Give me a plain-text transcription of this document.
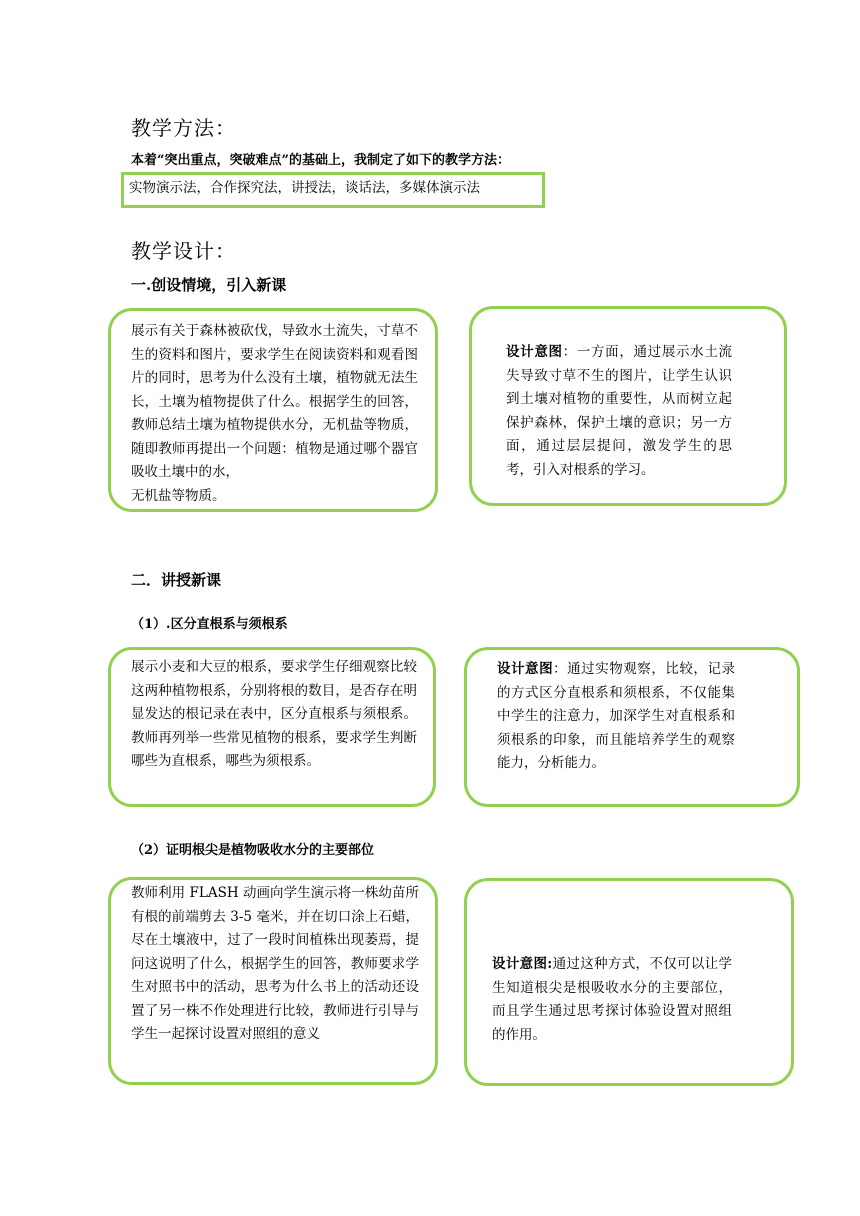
教学方法：
本着“突出重点，突破难点”的基础上，我制定了如下的教学方法：
实物演示法，合作探究法，讲授法，谈话法，多媒体演示法
教学设计：
一.创设情境，引入新课

展示有关于森林被砍伐，导致水土流失，寸草不生的资料和图片，要求学生在阅读资料和观看图片的同时，思考为什么没有土壤，植物就无法生长，土壤为植物提供了什么。根据学生的回答，教师总结土壤为植物提供水分，无机盐等物质，随即教师再提出一个问题：植物是通过哪个器官吸收土壤中的水，
无机盐等物质。

设计意图：一方面，通过展示水土流失导致寸草不生的图片，让学生认识到土壤对植物的重要性，从而树立起保护森林，保护土壤的意识；另一方面，通过层层提问，激发学生的思考，引入对根系的学习。

二．讲授新课
（1）.区分直根系与须根系

展示小麦和大豆的根系，要求学生仔细观察比较这两种植物根系，分别将根的数目，是否存在明显发达的根记录在表中，区分直根系与须根系。教师再列举一些常见植物的根系，要求学生判断哪些为直根系，哪些为须根系。

设计意图：通过实物观察，比较，记录的方式区分直根系和须根系，不仅能集中学生的注意力，加深学生对直根系和须根系的印象，而且能培养学生的观察能力，分析能力。

（2）证明根尖是植物吸收水分的主要部位

教师利用 FLASH 动画向学生演示将一株幼苗所有根的前端剪去 3-5 毫米，并在切口涂上石蜡，尽在土壤液中，过了一段时间植株出现萎焉，提问这说明了什么，根据学生的回答，教师要求学生对照书中的活动，思考为什么书上的活动还设置了另一株不作处理进行比较，教师进行引导与学生一起探讨设置对照组的意义

设计意图:通过这种方式，不仅可以让学生知道根尖是根吸收水分的主要部位，而且学生通过思考探讨体验设置对照组的作用。
